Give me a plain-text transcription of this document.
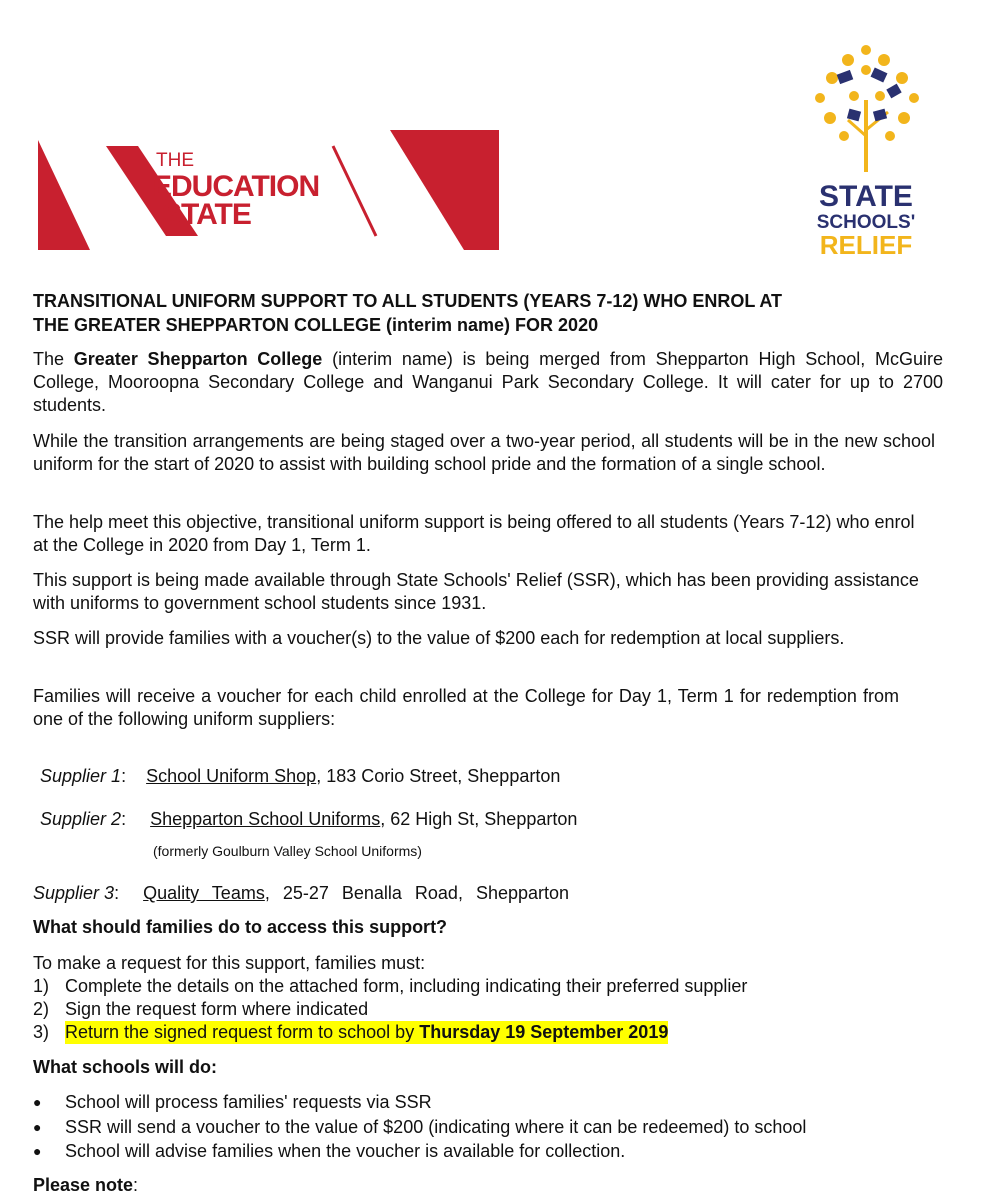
THE
EDUCATION
STATE
STATE
SCHOOLS'
RELIEF
TRANSITIONAL UNIFORM SUPPORT TO ALL STUDENTS (YEARS 7-12) WHO ENROL AT
THE GREATER SHEPPARTON COLLEGE (interim name) FOR 2020
The Greater Shepparton College (interim name) is being merged from Shepparton High School, McGuire College, Mooroopna Secondary College and Wanganui Park Secondary College. It will cater for up to 2700 students.
While the transition arrangements are being staged over a two-year period, all students will be in the new school uniform for the start of 2020 to assist with building school pride and the formation of a single school.
The help meet this objective, transitional uniform support is being offered to all students (Years 7-12) who enrol at the College in 2020 from Day 1, Term 1.
This support is being made available through State Schools' Relief (SSR), which has been providing assistance with uniforms to government school students since 1931.
SSR will provide families with a voucher(s) to the value of $200 each for redemption at local suppliers.
Families will receive a voucher for each child enrolled at the College for Day 1, Term 1 for redemption from one of the following uniform suppliers:
Supplier 1: School Uniform Shop, 183 Corio Street, Shepparton
Supplier 2: Shepparton School Uniforms, 62 High St, Shepparton
(formerly Goulburn Valley School Uniforms)
Supplier 3: Quality Teams, 25-27 Benalla Road, Shepparton
What should families do to access this support?
To make a request for this support, families must:
1) Complete the details on the attached form, including indicating their preferred supplier
2) Sign the request form where indicated
3) Return the signed request form to school by Thursday 19 September 2019
What schools will do:
●	School will process families' requests via SSR
●	SSR will send a voucher to the value of $200 (indicating where it can be redeemed) to school
●	School will advise families when the voucher is available for collection.
Please note:
